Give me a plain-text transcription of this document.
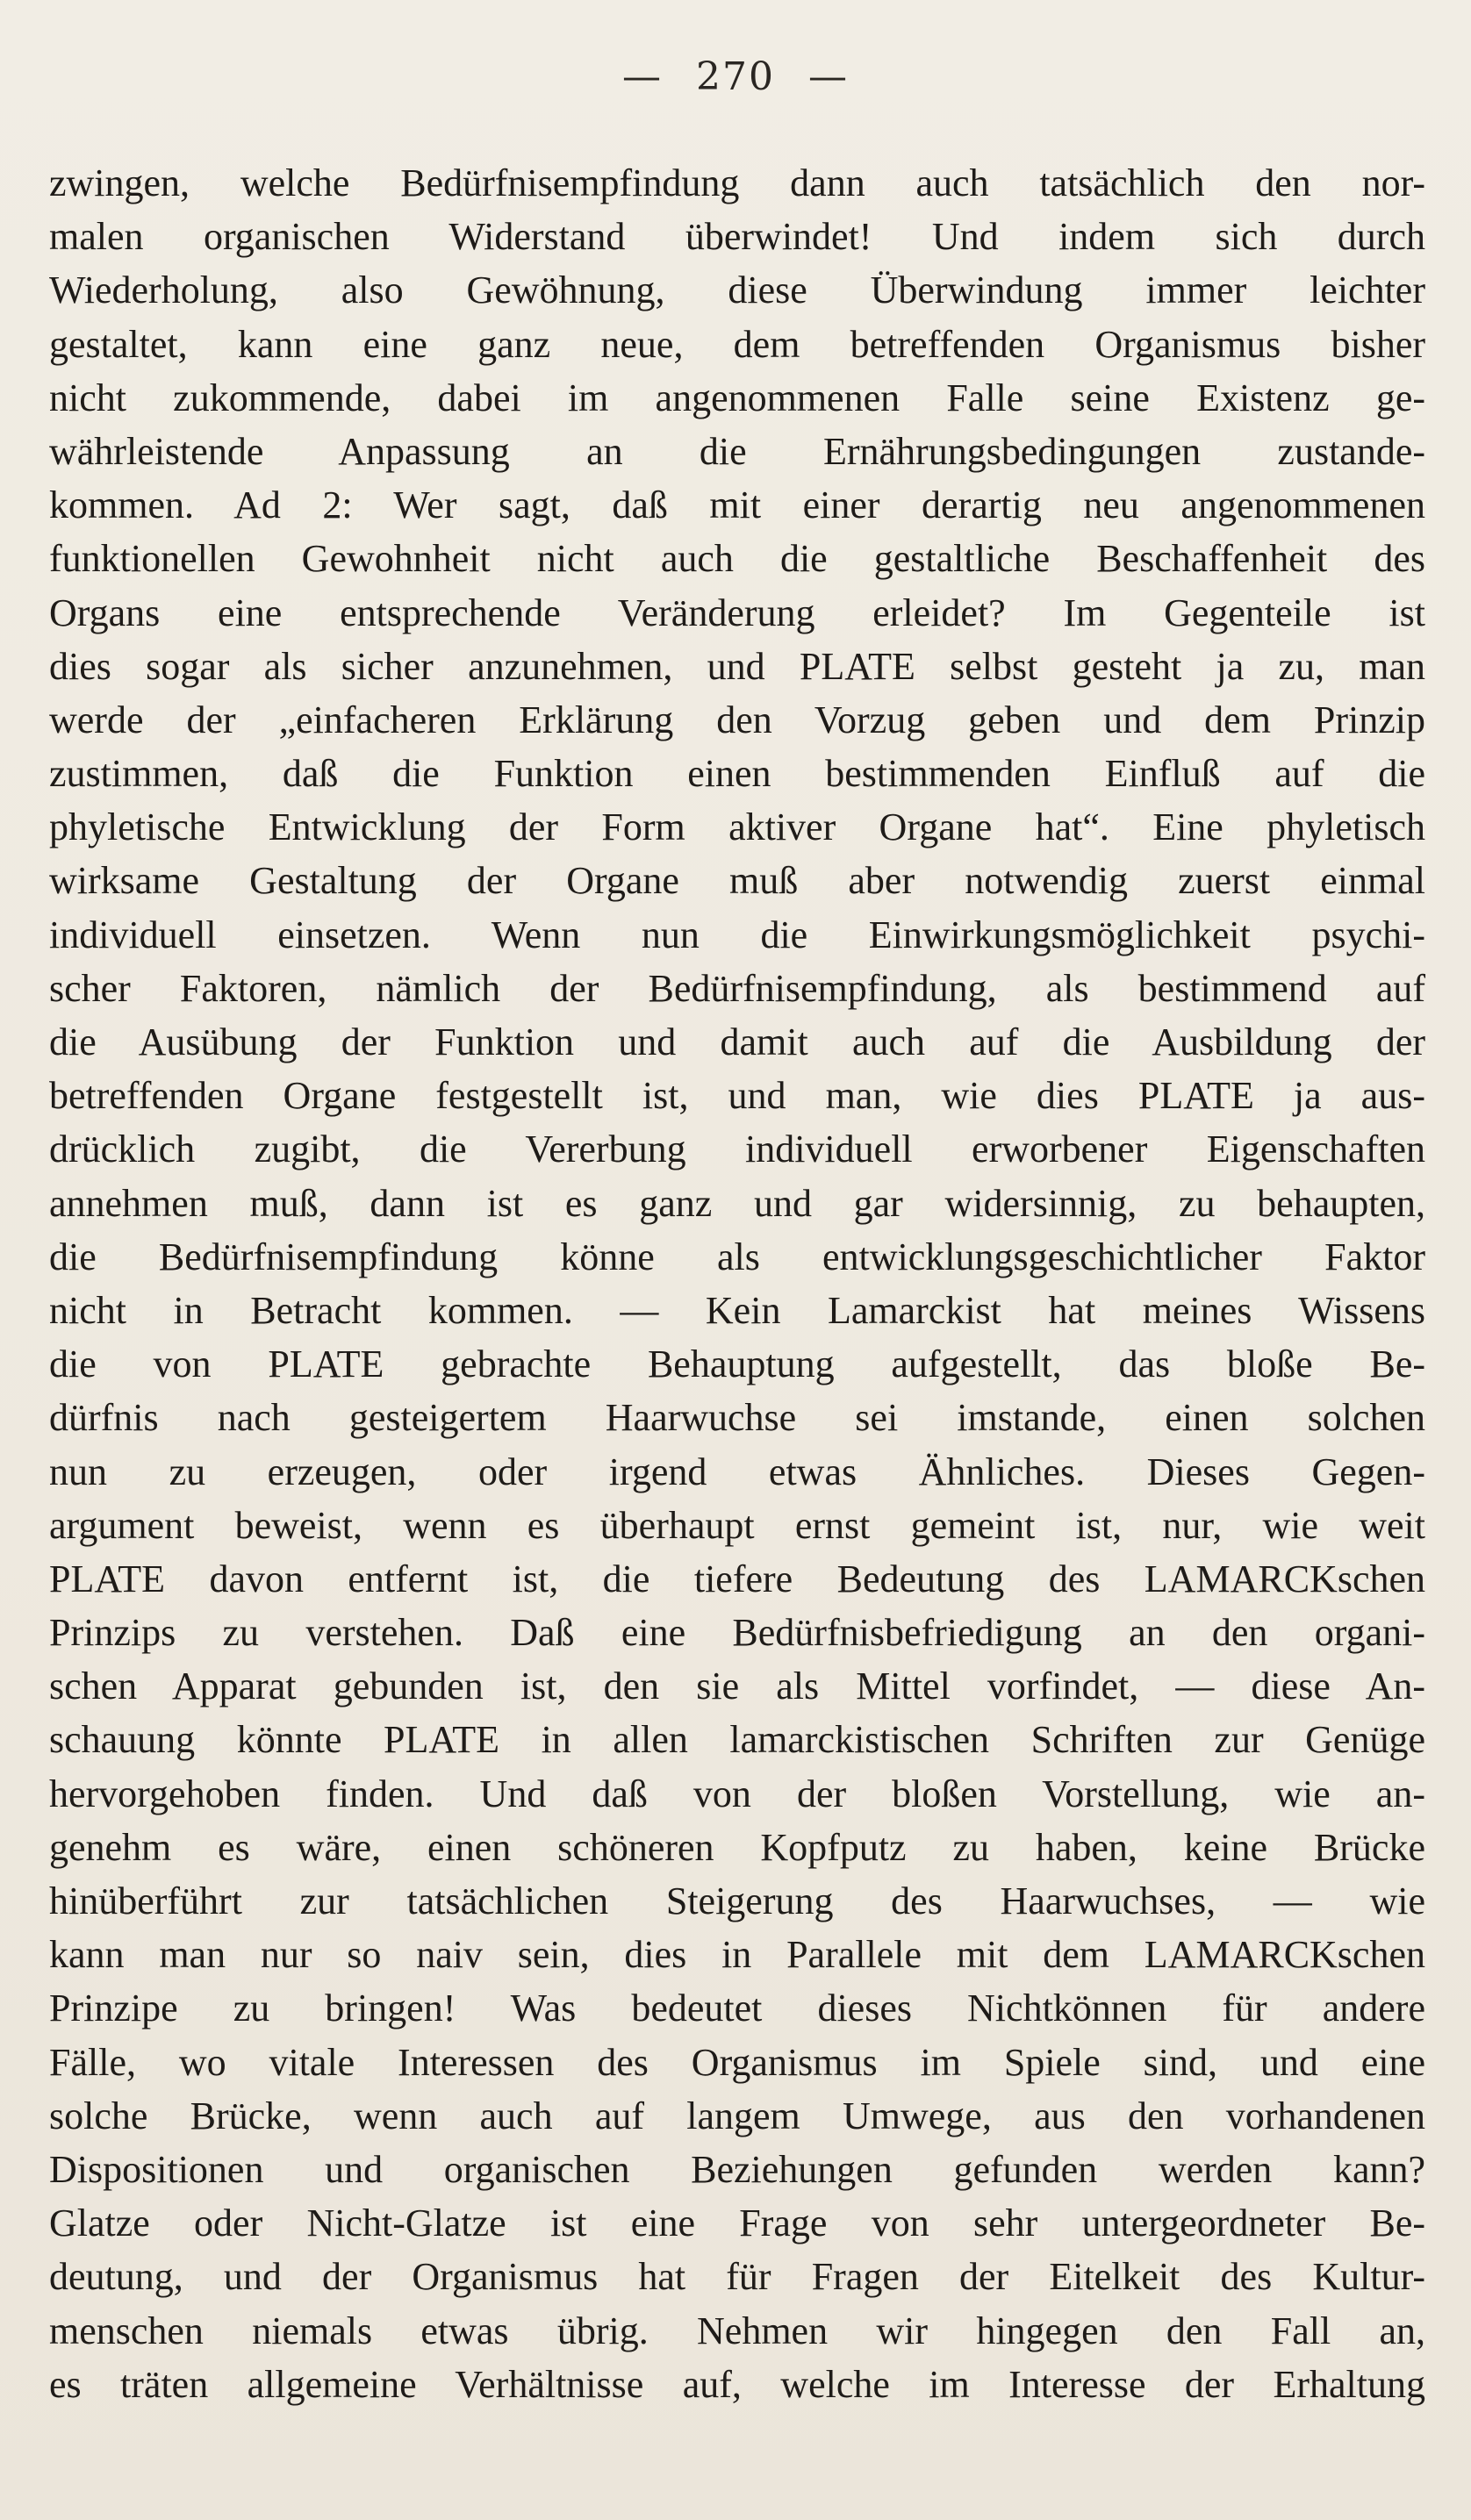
— 270 —
zwingen, welche Bedürfnisempfindung dann auch tatsächlich den nor-
malen organischen Widerstand überwindet! Und indem sich durch
Wiederholung, also Gewöhnung, diese Überwindung immer leichter
gestaltet, kann eine ganz neue, dem betreffenden Organismus bisher
nicht zukommende, dabei im angenommenen Falle seine Existenz ge-
währleistende Anpassung an die Ernährungsbedingungen zustande-
kommen. Ad 2: Wer sagt, daß mit einer derartig neu angenommenen
funktionellen Gewohnheit nicht auch die gestaltliche Beschaffenheit des
Organs eine entsprechende Veränderung erleidet? Im Gegenteile ist
dies sogar als sicher anzunehmen, und PLATE selbst gesteht ja zu, man
werde der „einfacheren Erklärung den Vorzug geben und dem Prinzip
zustimmen, daß die Funktion einen bestimmenden Einfluß auf die
phyletische Entwicklung der Form aktiver Organe hat“. Eine phyletisch
wirksame Gestaltung der Organe muß aber notwendig zuerst einmal
individuell einsetzen. Wenn nun die Einwirkungsmöglichkeit psychi-
scher Faktoren, nämlich der Bedürfnisempfindung, als bestimmend auf
die Ausübung der Funktion und damit auch auf die Ausbildung der
betreffenden Organe festgestellt ist, und man, wie dies PLATE ja aus-
drücklich zugibt, die Vererbung individuell erworbener Eigenschaften
annehmen muß, dann ist es ganz und gar widersinnig, zu behaupten,
die Bedürfnisempfindung könne als entwicklungsgeschichtlicher Faktor
nicht in Betracht kommen. — Kein Lamarckist hat meines Wissens
die von PLATE gebrachte Behauptung aufgestellt, das bloße Be-
dürfnis nach gesteigertem Haarwuchse sei imstande, einen solchen
nun zu erzeugen, oder irgend etwas Ähnliches. Dieses Gegen-
argument beweist, wenn es überhaupt ernst gemeint ist, nur, wie weit
PLATE davon entfernt ist, die tiefere Bedeutung des LAMARCKschen
Prinzips zu verstehen. Daß eine Bedürfnisbefriedigung an den organi-
schen Apparat gebunden ist, den sie als Mittel vorfindet, — diese An-
schauung könnte PLATE in allen lamarckistischen Schriften zur Genüge
hervorgehoben finden. Und daß von der bloßen Vorstellung, wie an-
genehm es wäre, einen schöneren Kopfputz zu haben, keine Brücke
hinüberführt zur tatsächlichen Steigerung des Haarwuchses, — wie
kann man nur so naiv sein, dies in Parallele mit dem LAMARCKschen
Prinzipe zu bringen! Was bedeutet dieses Nichtkönnen für andere
Fälle, wo vitale Interessen des Organismus im Spiele sind, und eine
solche Brücke, wenn auch auf langem Umwege, aus den vorhandenen
Dispositionen und organischen Beziehungen gefunden werden kann?
Glatze oder Nicht-Glatze ist eine Frage von sehr untergeordneter Be-
deutung, und der Organismus hat für Fragen der Eitelkeit des Kultur-
menschen niemals etwas übrig. Nehmen wir hingegen den Fall an,
es träten allgemeine Verhältnisse auf, welche im Interesse der Erhaltung
